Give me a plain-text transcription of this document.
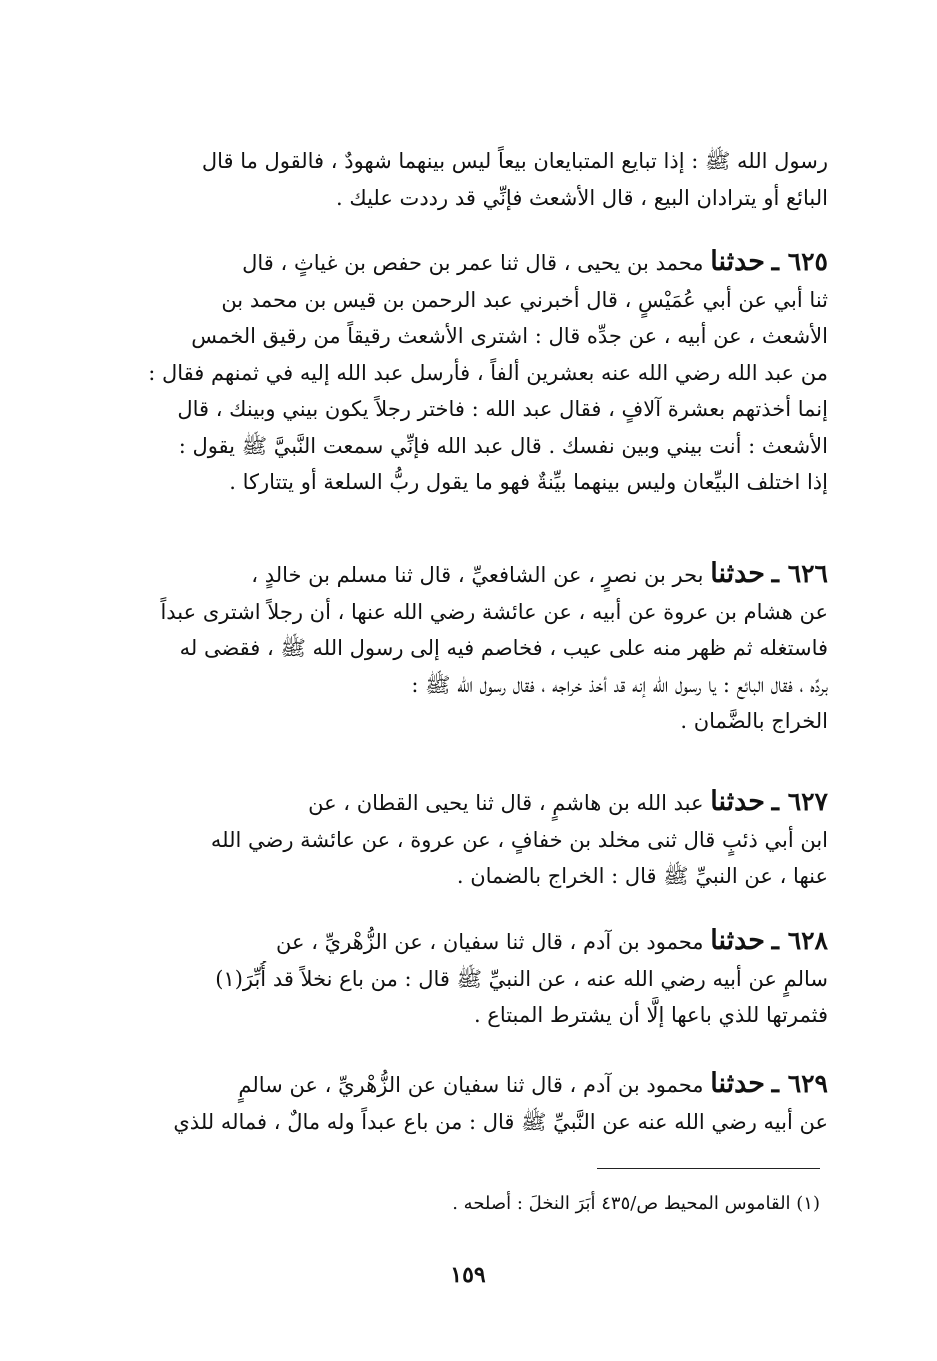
رسول الله ﷺ : إذا تبايع المتبايعان بيعاً ليس بينهما شهودٌ ، فالقول ما قال
البائع أو يترادان البيع ، قال الأشعث فإنِّي قد رددت عليك .
٦٢٥ ـ حدثنا محمد بن يحيى ، قال ثنا عمر بن حفص بن غياثٍ ، قال
ثنا أبي عن أبي عُمَيْسٍ ، قال أخبرني عبد الرحمن بن قيس بن محمد بن
الأشعث ، عن أبيه ، عن جدِّه قال : اشترى الأشعث رقيقاً من رقيق الخمس
من عبد الله رضي الله عنه بعشرين ألفاً ، فأرسل عبد الله إليه في ثمنهم فقال :
إنما أخذتهم بعشرة آلافٍ ، فقال عبد الله : فاختر رجلاً يكون بيني وبينك ، قال
الأشعث : أنت بيني وبين نفسك . قال عبد الله فإنِّي سمعت النَّبيَّ ﷺ يقول :
إذا اختلف البيِّعان وليس بينهما بيِّنةٌ فهو ما يقول ربُّ السلعة أو يتتاركا .
٦٢٦ ـ حدثنا بحر بن نصرٍ ، عن الشافعيِّ ، قال ثنا مسلم بن خالدٍ ،
عن هشام بن عروة عن أبيه ، عن عائشة رضي الله عنها ، أن رجلاً اشترى عبداً
فاستغله ثم ظهر منه على عيب ، فخاصم فيه إلى رسول الله ﷺ ، فقضى له
بردِّه ، فقال البائع : يا رسول الله إنه قد أخذ خراجه ، فقال رسول الله ﷺ :
الخراج بالضَّمان .
٦٢٧ ـ حدثنا عبد الله بن هاشمٍ ، قال ثنا يحيى القطان ، عن
ابن أبي ذئبٍ قال ثنى مخلد بن خفافٍ ، عن عروة ، عن عائشة رضي الله
عنها ، عن النبيِّ ﷺ قال : الخراج بالضمان .
٦٢٨ ـ حدثنا محمود بن آدم ، قال ثنا سفيان ، عن الزُّهْريِّ ، عن
سالمٍ عن أبيه رضي الله عنه ، عن النبيِّ ﷺ قال : من باع نخلاً قد أُبِّرَ(١)
فثمرتها للذي باعها إلَّا أن يشترط المبتاع .
٦٢٩ ـ حدثنا محمود بن آدم ، قال ثنا سفيان عن الزُّهْريِّ ، عن سالمٍ
عن أبيه رضي الله عنه عن النَّبيِّ ﷺ قال : من باع عبداً وله مالٌ ، فماله للذي
(١) القاموس المحيط ص/٤٣٥ أبَرَ النخلَ : أصلحه .
١٥٩
